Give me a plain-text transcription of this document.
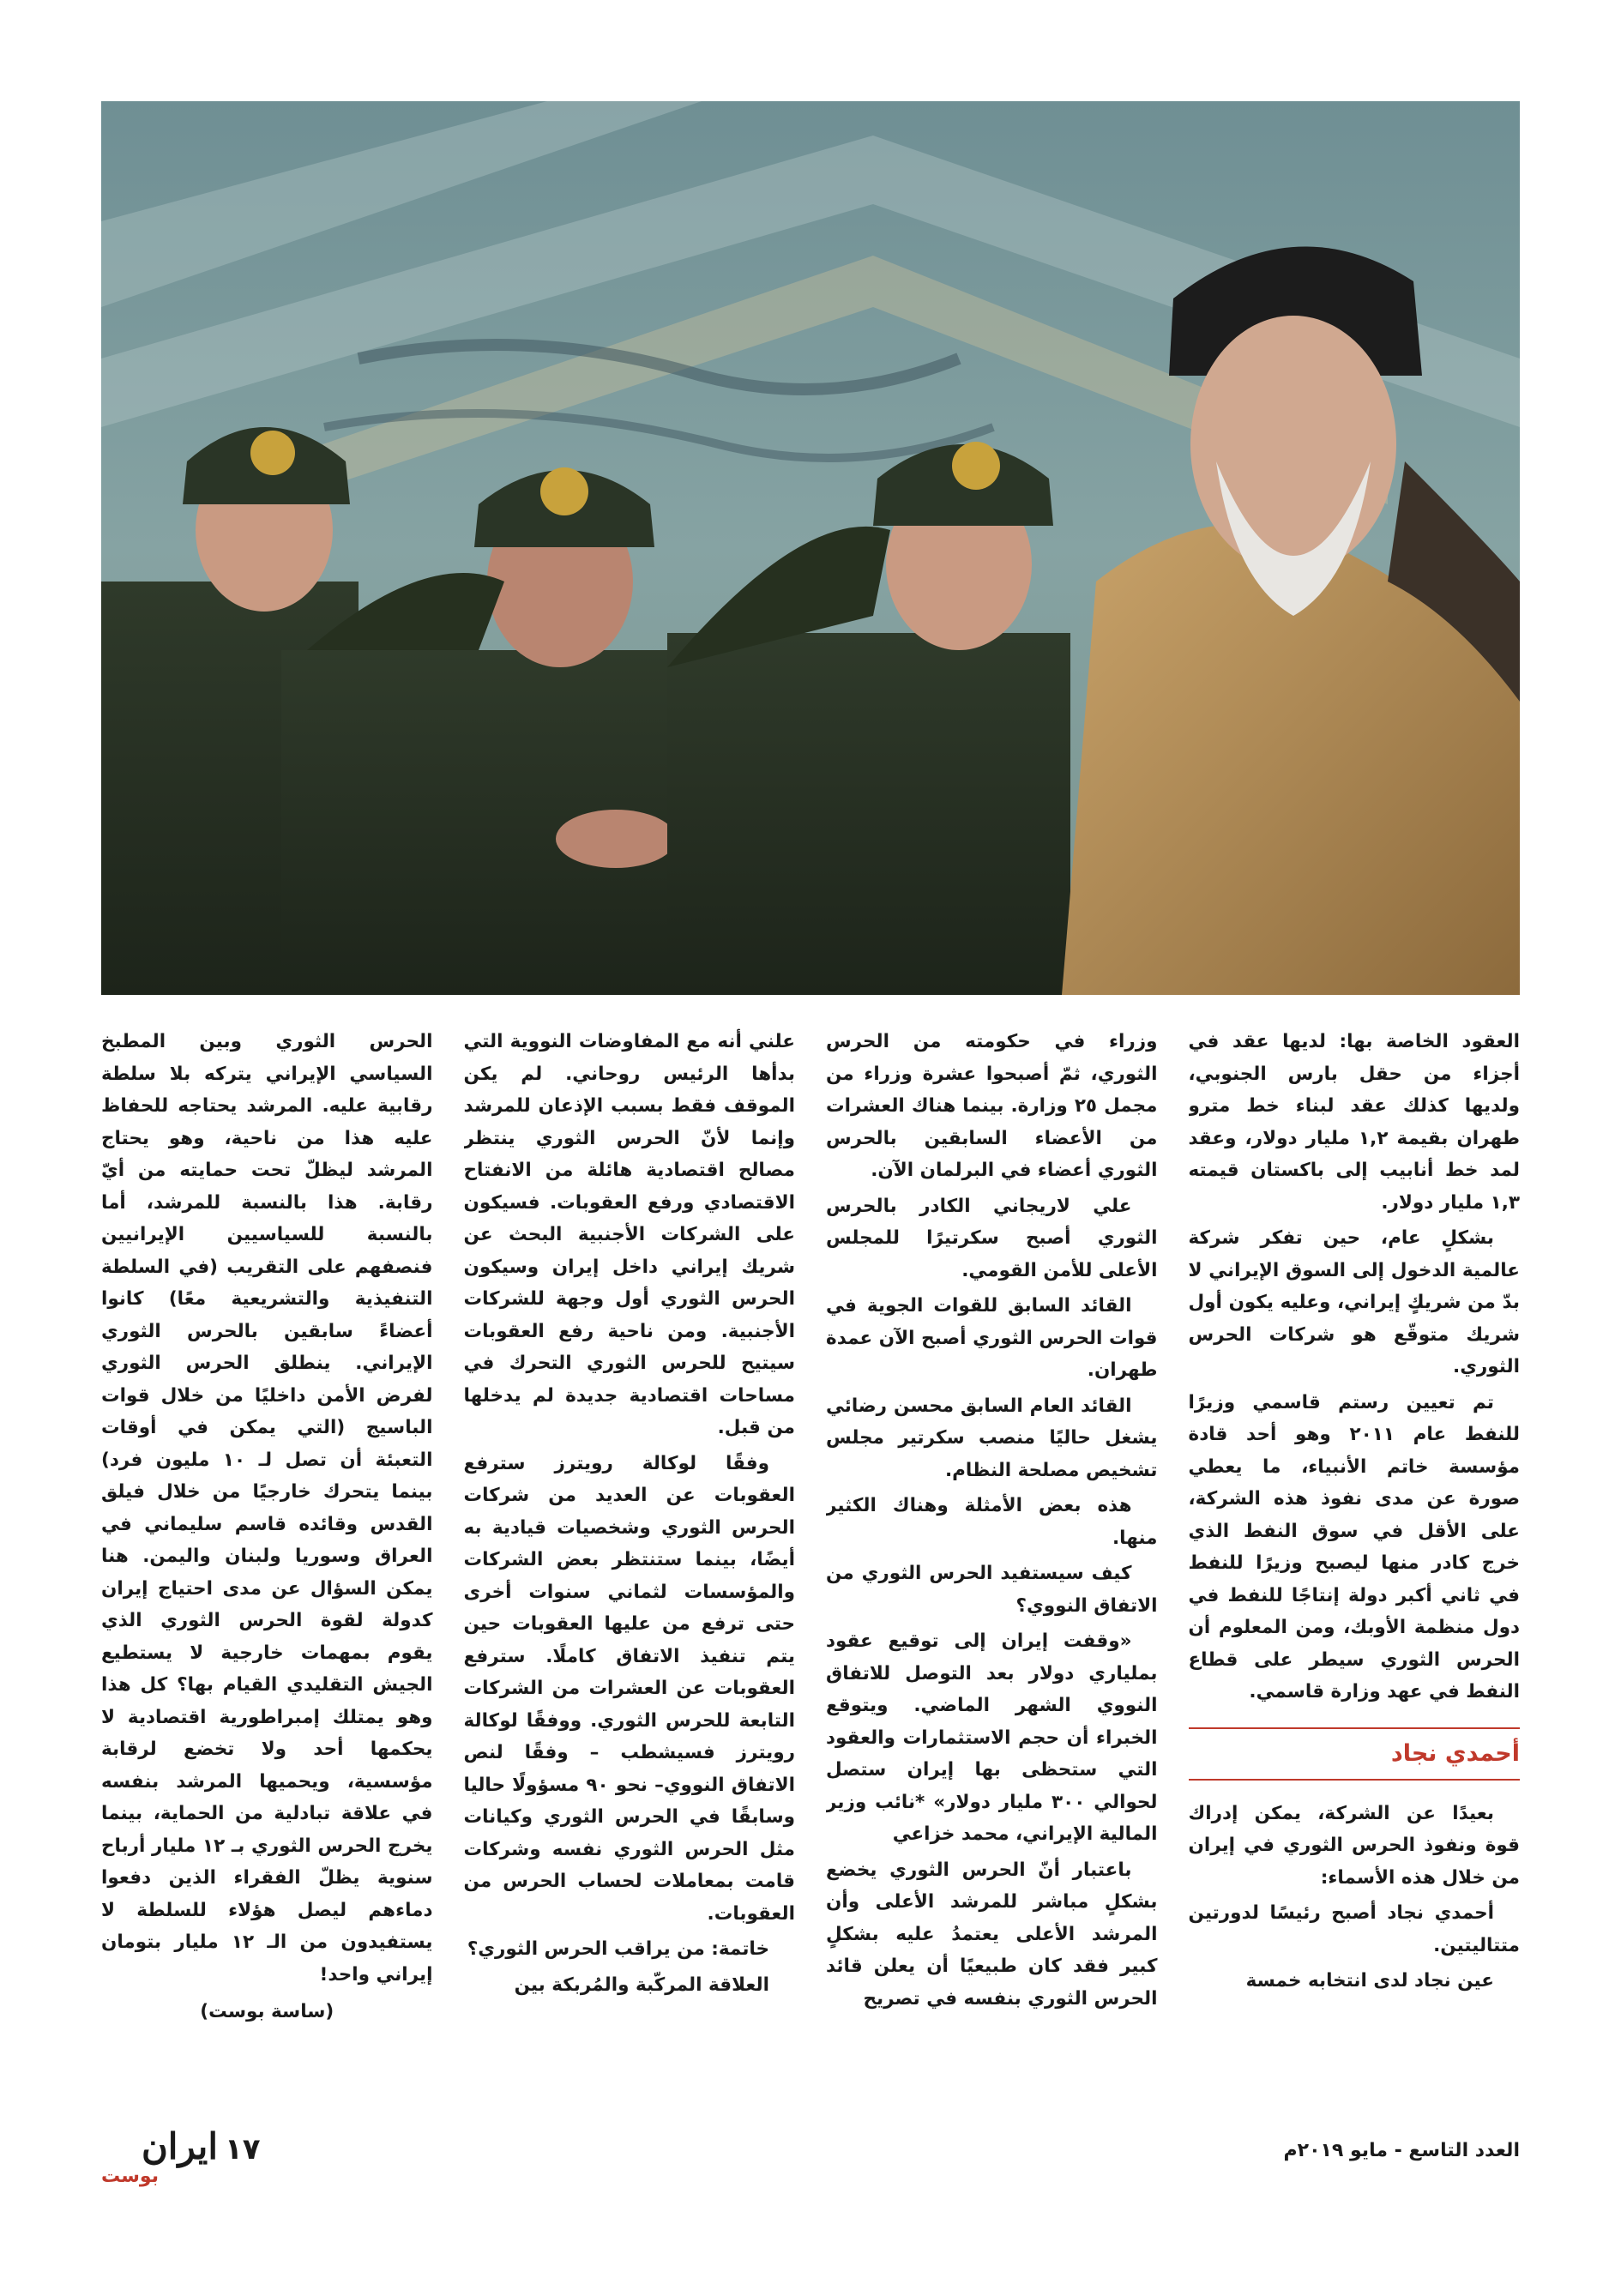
العقود الخاصة بها: لديها عقد في أجزاء من حقل بارس الجنوبي، ولديها كذلك عقد لبناء خط مترو طهران بقيمة ١,٢ مليار دولار، وعقد لمد خط أنابيب إلى باكستان قيمته ١,٣ مليار دولار.

بشكلٍ عام، حين تفكر شركة عالمية الدخول إلى السوق الإيراني لا بدّ من شريكٍ إيراني، وعليه يكون أول شريك متوقّع هو شركات الحرس الثوري.

تم تعيين رستم قاسمي وزيرًا للنفط عام ٢٠١١ وهو أحد قادة مؤسسة خاتم الأنبياء، ما يعطي صورة عن مدى نفوذ هذه الشركة، على الأقل في سوق النفط الذي خرج كادر منها ليصبح وزيرًا للنفط في ثاني أكبر دولة إنتاجًا للنفط في دول منظمة الأوبك، ومن المعلوم أن الحرس الثوري سيطر على قطاع النفط في عهد وزارة قاسمي.

أحمدي نجاد

بعيدًا عن الشركة، يمكن إدراك قوة ونفوذ الحرس الثوري في إيران من خلال هذه الأسماء:

أحمدي نجاد أصبح رئيسًا لدورتين متتاليتين.

عين نجاد لدى انتخابه خمسة

وزراء في حكومته من الحرس الثوري، ثمّ أصبحوا عشرة وزراء من مجمل ٢٥ وزارة. بينما هناك العشرات من الأعضاء السابقين بالحرس الثوري أعضاء في البرلمان الآن.

علي لاريجاني الكادر بالحرس الثوري أصبح سكرتيرًا للمجلس الأعلى للأمن القومي.

القائد السابق للقوات الجوية في قوات الحرس الثوري أصبح الآن عمدة طهران.

القائد العام السابق محسن رضائي يشغل حاليًا منصب سكرتير مجلس تشخيص مصلحة النظام.

هذه بعض الأمثلة وهناك الكثير منها.

كيف سيستفيد الحرس الثوري من الاتفاق النووي؟

«وقفت إيران إلى توقيع عقود بملياري دولار بعد التوصل للاتفاق النووي الشهر الماضي. ويتوقع الخبراء أن حجم الاستثمارات والعقود التي ستحظى بها إيران ستصل لحوالي ٣٠٠ مليار دولار» *نائب وزير المالية الإيراني، محمد خزاعي

باعتبار أنّ الحرس الثوري يخضع بشكلٍ مباشر للمرشد الأعلى وأن المرشد الأعلى يعتمدُ عليه بشكلٍ كبير فقد كان طبيعيًا أن يعلن قائد الحرس الثوري بنفسه في تصريح

علني أنه مع المفاوضات النووية التي بدأها الرئيس روحاني. لم يكن الموقف فقط بسبب الإذعان للمرشد وإنما لأنّ الحرس الثوري ينتظر مصالح اقتصادية هائلة من الانفتاح الاقتصادي ورفع العقوبات. فسيكون على الشركات الأجنبية البحث عن شريك إيراني داخل إيران وسيكون الحرس الثوري أول وجهة للشركات الأجنبية. ومن ناحية رفع العقوبات سيتيح للحرس الثوري التحرك في مساحات اقتصادية جديدة لم يدخلها من قبل.

وفقًا لوكالة رويترز سترفع العقوبات عن العديد من شركات الحرس الثوري وشخصيات قيادية به أيضًا، بينما ستنتظر بعض الشركات والمؤسسات لثماني سنوات أخرى حتى ترفع من عليها العقوبات حين يتم تنفيذ الاتفاق كاملًا. سترفع العقوبات عن العشرات من الشركات التابعة للحرس الثوري. ووفقًا لوكالة رويترز فسيشطب – وفقًا لنص الاتفاق النووي– نحو ٩٠ مسؤولًا حاليا وسابقًا في الحرس الثوري وكيانات مثل الحرس الثوري نفسه وشركات قامت بمعاملات لحساب الحرس من العقوبات.

خاتمة: من يراقب الحرس الثوري؟

العلاقة المركّبة والمُربكة بين

الحرس الثوري وبين المطبخ السياسي الإيراني يتركه بلا سلطة رقابية عليه. المرشد يحتاجه للحفاظ عليه هذا من ناحية، وهو يحتاج المرشد ليظلّ تحت حمايته من أيّ رقابة. هذا بالنسبة للمرشد، أما بالنسبة للسياسيين الإيرانيين فنصفهم على التقريب (في السلطة التنفيذية والتشريعية معًا) كانوا أعضاءً سابقين بالحرس الثوري الإيراني. ينطلق الحرس الثوري لفرض الأمن داخليًا من خلال قوات الباسيج (التي يمكن في أوقات التعبئة أن تصل لـ ١٠ مليون فرد) بينما يتحرك خارجيًا من خلال فيلق القدس وقائده قاسم سليماني في العراق وسوريا ولبنان واليمن. هنا يمكن السؤال عن مدى احتياج إيران كدولة لقوة الحرس الثوري الذي يقوم بمهمات خارجية لا يستطيع الجيش التقليدي القيام بها؟ كل هذا وهو يمتلك إمبراطورية اقتصادية لا يحكمها أحد ولا تخضع لرقابة مؤسسية، ويحميها المرشد بنفسه في علاقة تبادلية من الحماية، بينما يخرج الحرس الثوري بـ ١٢ مليار أرباح سنوية يظلّ الفقراء الذين دفعوا دماءهم ليصل هؤلاء للسلطة لا يستفيدون من الـ ١٢ مليار بتومان إيراني واحد!

(ساسة بوست)

العدد التاسع - مايو ٢٠١٩م
١٧
ايران
بوست
